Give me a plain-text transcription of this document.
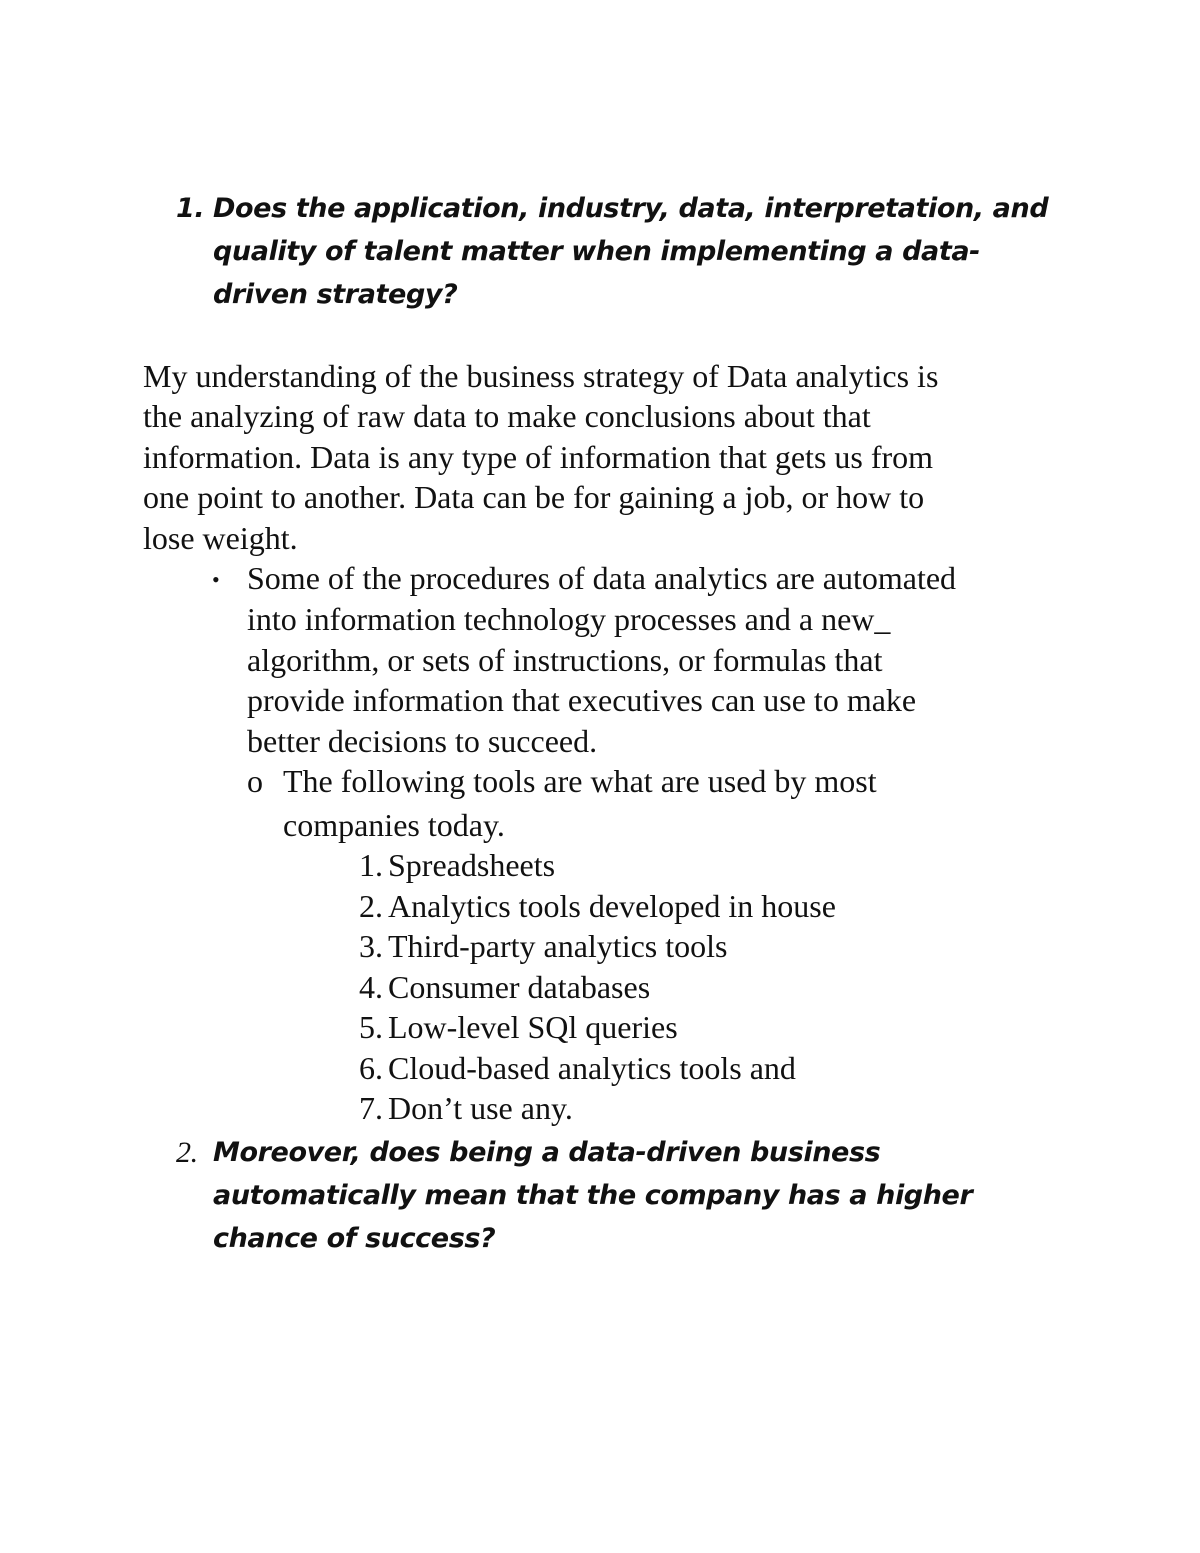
1. Does the application, industry, data, interpretation, and
quality of talent matter when implementing a data-
driven strategy?
My understanding of the business strategy of Data analytics is
the analyzing of raw data to make conclusions about that
information. Data is any type of information that gets us from
one point to another. Data can be for gaining a job, or how to
lose weight.
• Some of the procedures of data analytics are automated
into information technology processes and a new_
algorithm, or sets of instructions, or formulas that
provide information that executives can use to make
better decisions to succeed.
o The following tools are what are used by most
companies today.
1. Spreadsheets
2. Analytics tools developed in house
3. Third-party analytics tools
4. Consumer databases
5. Low-level SQl queries
6. Cloud-based analytics tools and
7. Don’t use any.
2. Moreover, does being a data-driven business
automatically mean that the company has a higher
chance of success?
